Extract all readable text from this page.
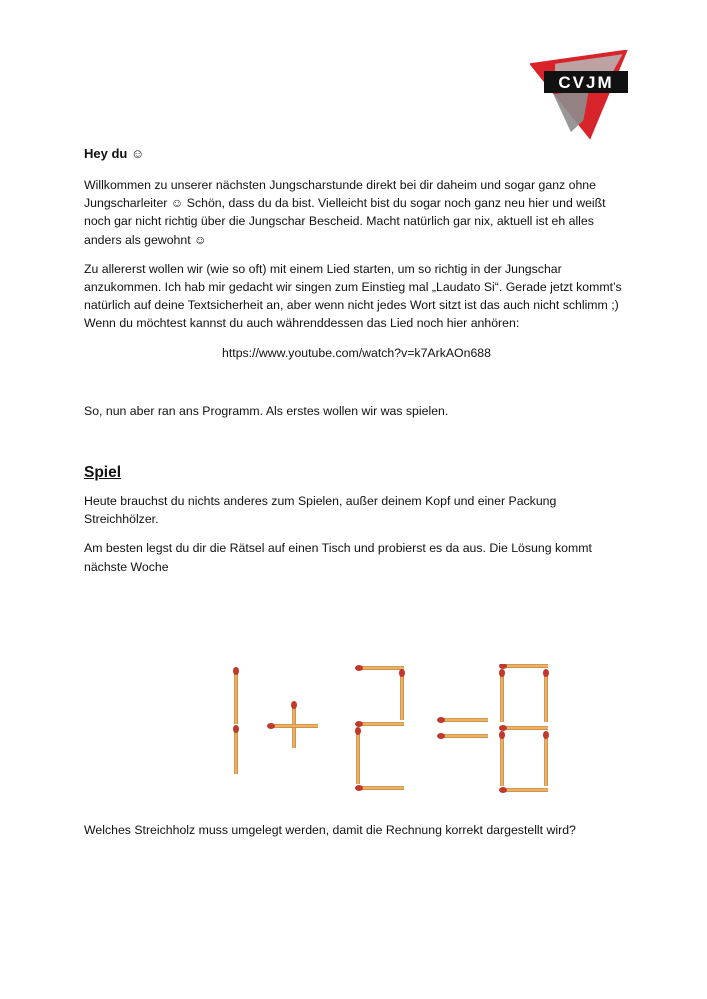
CVJM
Hey du ☺

Willkommen zu unserer nächsten Jungscharstunde direkt bei dir daheim und sogar ganz ohne Jungscharleiter ☺ Schön, dass du da bist. Vielleicht bist du sogar noch ganz neu hier und weißt noch gar nicht richtig über die Jungschar Bescheid. Macht natürlich gar nix, aktuell ist eh alles anders als gewohnt ☺

Zu allererst wollen wir (wie so oft) mit einem Lied starten, um so richtig in der Jungschar anzukommen. Ich hab mir gedacht wir singen zum Einstieg mal „Laudato Si“. Gerade jetzt kommt’s natürlich auf deine Textsicherheit an, aber wenn nicht jedes Wort sitzt ist das auch nicht schlimm ;) Wenn du möchtest kannst du auch währenddessen das Lied noch hier anhören:

https://www.youtube.com/watch?v=k7ArkAOn688

So, nun aber ran ans Programm. Als erstes wollen wir was spielen.

Spiel

Heute brauchst du nichts anderes zum Spielen, außer deinem Kopf und einer Packung Streichhölzer.

Am besten legst du dir die Rätsel auf einen Tisch und probierst es da aus. Die Lösung kommt nächste Woche

Welches Streichholz muss umgelegt werden, damit die Rechnung korrekt dargestellt wird?
